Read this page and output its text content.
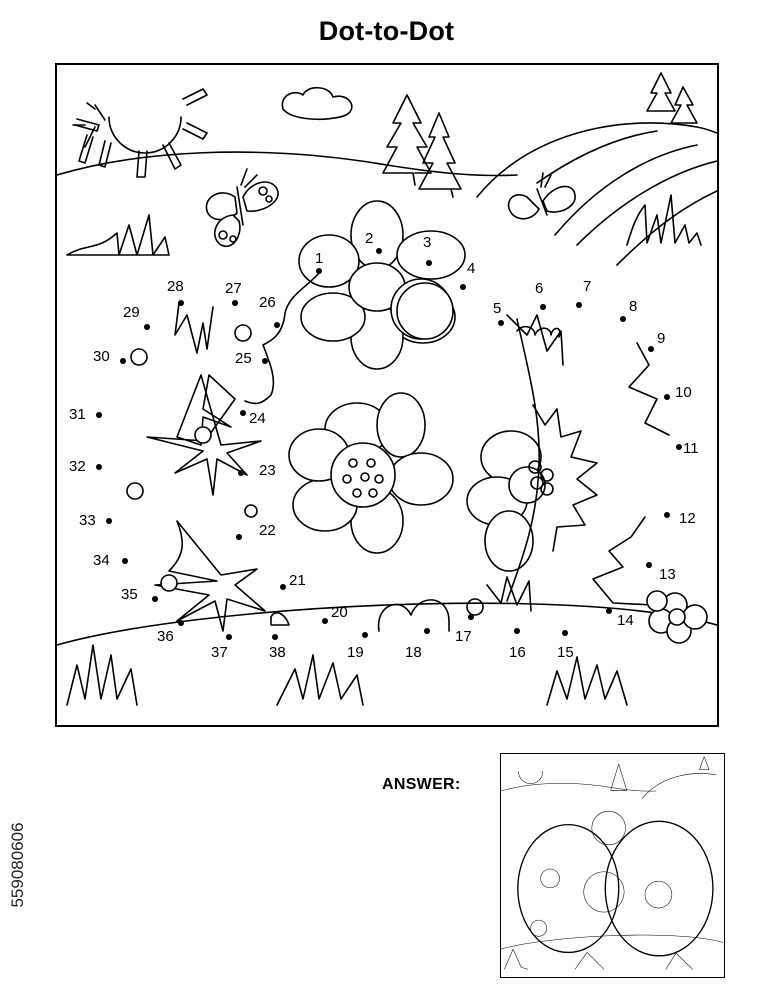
Dot-to-Dot
1
2	3
4
5
6	7
8
9
10
11
12
13
14
15
16
17
18
19
20
21
22
23
24
25
26
27
28
29
30
31
32
33
34
35
36
37	38
ANSWER:
559080606
